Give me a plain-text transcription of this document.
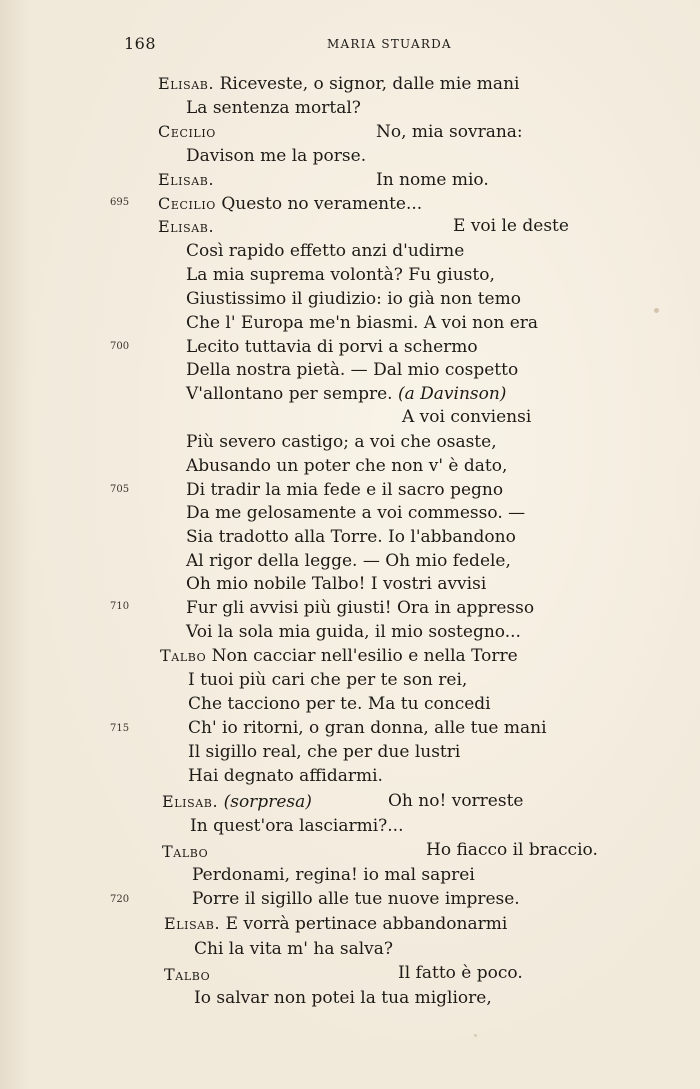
168	MARIA STUARDA
695
700
705
710
715
720
Elisab. Riceveste, o signor, dalle mie mani
La sentenza mortal?
Cecilio	No, mia sovrana:
Davison me la porse.
Elisab.	In nome mio.
Cecilio Questo no veramente...
Elisab.	E voi le deste
Così rapido effetto anzi d'udirne
La mia suprema volontà? Fu giusto,
Giustissimo il giudizio: io già non temo
Che l' Europa me'n biasmi. A voi non era
Lecito tuttavia di porvi a schermo
Della nostra pietà. — Dal mio cospetto
V'allontano per sempre. (a Davinson)
A voi conviensi
Più severo castigo; a voi che osaste,
Abusando un poter che non v' è dato,
Di tradir la mia fede e il sacro pegno
Da me gelosamente a voi commesso. —
Sia tradotto alla Torre. Io l'abbandono
Al rigor della legge. — Oh mio fedele,
Oh mio nobile Talbo! I vostri avvisi
Fur gli avvisi più giusti! Ora in appresso
Voi la sola mia guida, il mio sostegno...
Talbo Non cacciar nell'esilio e nella Torre
I tuoi più cari che per te son rei,
Che tacciono per te. Ma tu concedi
Ch' io ritorni, o gran donna, alle tue mani
Il sigillo real, che per due lustri
Hai degnato affidarmi.
Elisab. (sorpresa)	Oh no! vorreste
In quest'ora lasciarmi?...
Talbo	Ho fiacco il braccio.
Perdonami, regina! io mal saprei
Porre il sigillo alle tue nuove imprese.
Elisab. E vorrà pertinace abbandonarmi
Chi la vita m' ha salva?
Talbo	Il fatto è poco.
Io salvar non potei la tua migliore,
